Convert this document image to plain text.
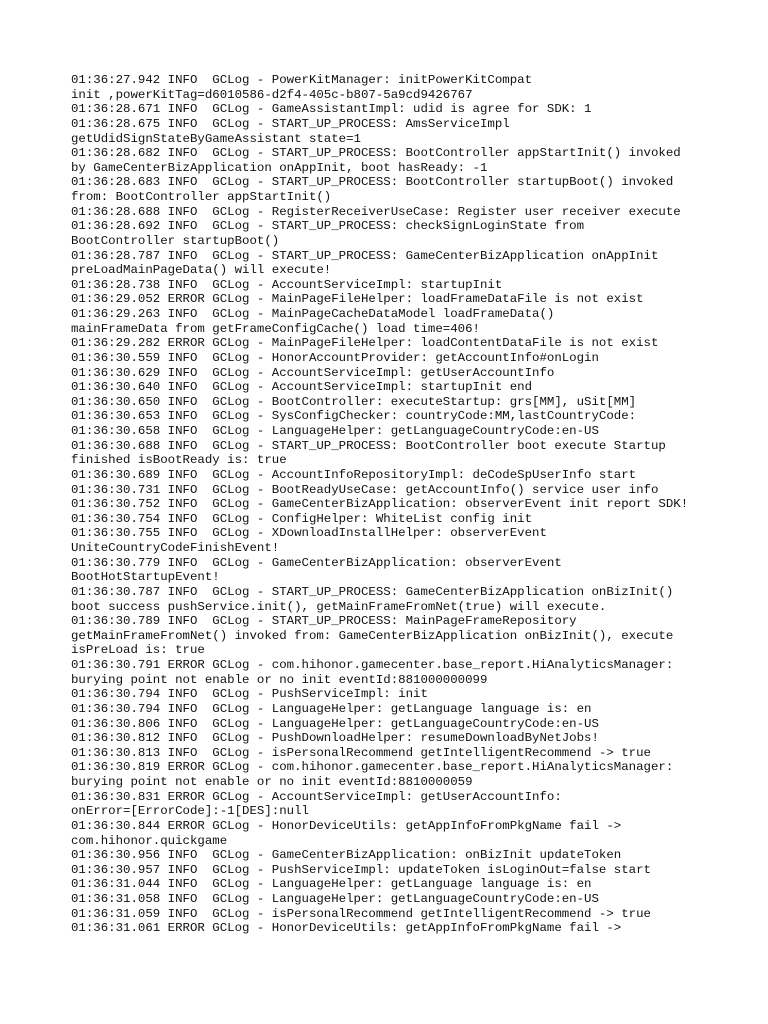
01:36:27.942 INFO  GCLog - PowerKitManager: initPowerKitCompat
init ,powerKitTag=d6010586-d2f4-405c-b807-5a9cd9426767
01:36:28.671 INFO  GCLog - GameAssistantImpl: udid is agree for SDK: 1
01:36:28.675 INFO  GCLog - START_UP_PROCESS: AmsServiceImpl
getUdidSignStateByGameAssistant state=1
01:36:28.682 INFO  GCLog - START_UP_PROCESS: BootController appStartInit() invoked
by GameCenterBizApplication onAppInit, boot hasReady: -1
01:36:28.683 INFO  GCLog - START_UP_PROCESS: BootController startupBoot() invoked
from: BootController appStartInit()
01:36:28.688 INFO  GCLog - RegisterReceiverUseCase: Register user receiver execute
01:36:28.692 INFO  GCLog - START_UP_PROCESS: checkSignLoginState from
BootController startupBoot()
01:36:28.787 INFO  GCLog - START_UP_PROCESS: GameCenterBizApplication onAppInit
preLoadMainPageData() will execute!
01:36:28.738 INFO  GCLog - AccountServiceImpl: startupInit
01:36:29.052 ERROR GCLog - MainPageFileHelper: loadFrameDataFile is not exist
01:36:29.263 INFO  GCLog - MainPageCacheDataModel loadFrameData()
mainFrameData from getFrameConfigCache() load time=406!
01:36:29.282 ERROR GCLog - MainPageFileHelper: loadContentDataFile is not exist
01:36:30.559 INFO  GCLog - HonorAccountProvider: getAccountInfo#onLogin
01:36:30.629 INFO  GCLog - AccountServiceImpl: getUserAccountInfo
01:36:30.640 INFO  GCLog - AccountServiceImpl: startupInit end
01:36:30.650 INFO  GCLog - BootController: executeStartup: grs[MM], uSit[MM]
01:36:30.653 INFO  GCLog - SysConfigChecker: countryCode:MM,lastCountryCode:
01:36:30.658 INFO  GCLog - LanguageHelper: getLanguageCountryCode:en-US
01:36:30.688 INFO  GCLog - START_UP_PROCESS: BootController boot execute Startup
finished isBootReady is: true
01:36:30.689 INFO  GCLog - AccountInfoRepositoryImpl: deCodeSpUserInfo start
01:36:30.731 INFO  GCLog - BootReadyUseCase: getAccountInfo() service user info
01:36:30.752 INFO  GCLog - GameCenterBizApplication: observerEvent init report SDK!
01:36:30.754 INFO  GCLog - ConfigHelper: WhiteList config init
01:36:30.755 INFO  GCLog - XDownloadInstallHelper: observerEvent
UniteCountryCodeFinishEvent!
01:36:30.779 INFO  GCLog - GameCenterBizApplication: observerEvent
BootHotStartupEvent!
01:36:30.787 INFO  GCLog - START_UP_PROCESS: GameCenterBizApplication onBizInit()
boot success pushService.init(), getMainFrameFromNet(true) will execute.
01:36:30.789 INFO  GCLog - START_UP_PROCESS: MainPageFrameRepository
getMainFrameFromNet() invoked from: GameCenterBizApplication onBizInit(), execute
isPreLoad is: true
01:36:30.791 ERROR GCLog - com.hihonor.gamecenter.base_report.HiAnalyticsManager:
burying point not enable or no init eventId:881000000099
01:36:30.794 INFO  GCLog - PushServiceImpl: init
01:36:30.794 INFO  GCLog - LanguageHelper: getLanguage language is: en
01:36:30.806 INFO  GCLog - LanguageHelper: getLanguageCountryCode:en-US
01:36:30.812 INFO  GCLog - PushDownloadHelper: resumeDownloadByNetJobs!
01:36:30.813 INFO  GCLog - isPersonalRecommend getIntelligentRecommend -> true
01:36:30.819 ERROR GCLog - com.hihonor.gamecenter.base_report.HiAnalyticsManager:
burying point not enable or no init eventId:8810000059
01:36:30.831 ERROR GCLog - AccountServiceImpl: getUserAccountInfo:
onError=[ErrorCode]:-1[DES]:null
01:36:30.844 ERROR GCLog - HonorDeviceUtils: getAppInfoFromPkgName fail ->
com.hihonor.quickgame
01:36:30.956 INFO  GCLog - GameCenterBizApplication: onBizInit updateToken
01:36:30.957 INFO  GCLog - PushServiceImpl: updateToken isLoginOut=false start
01:36:31.044 INFO  GCLog - LanguageHelper: getLanguage language is: en
01:36:31.058 INFO  GCLog - LanguageHelper: getLanguageCountryCode:en-US
01:36:31.059 INFO  GCLog - isPersonalRecommend getIntelligentRecommend -> true
01:36:31.061 ERROR GCLog - HonorDeviceUtils: getAppInfoFromPkgName fail ->
